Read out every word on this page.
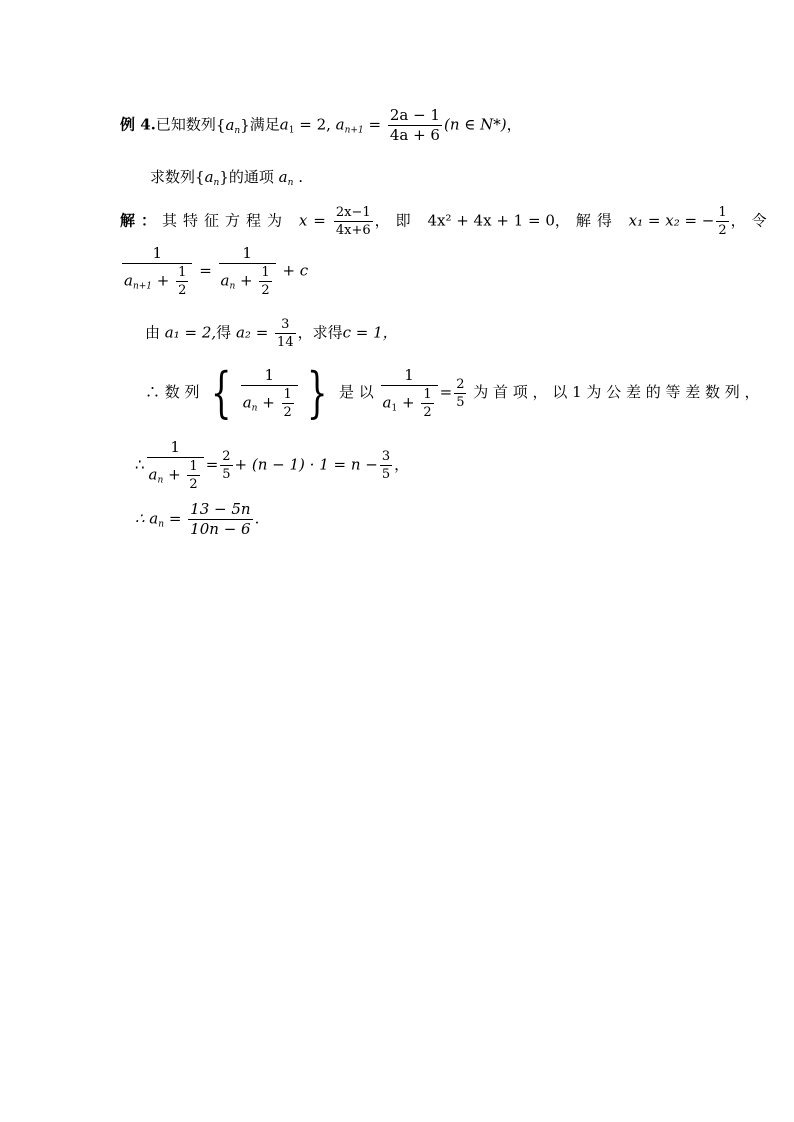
例 4.已知数列$\{a_n\}$满足$a_1 = 2$, $a_{n+1} = \frac{2a - 1}{4a + 6} (n$ ∈ N*)，
求数列$\{a_n\}$的通项 $a_n$ .
解：其特征方程为 $x= \frac{2x-1}{4x+6}$ ，即 4x² + 4x + 1 = 0，解得 x₁ = x₂ = − $\frac{1}{2}$ ，令
$\frac{1}{a_{n+1} + \frac{1}{2}} = \frac{1}{a_n + \frac{1}{2}} + c$
由 a₁ = 2,得 $a_2 = \frac{3}{14}$ ，求得c = 1，
∴ 数 列 { $\frac{1}{a_n + \frac{1}{2}}$ } 是 以 $\frac{1}{a_1 + \frac{1}{2}} = \frac{2}{5}$ 为 首 项 ， 以 1 为 公 差 的 等 差 数 列 ，
∴ $\frac{1}{a_n + \frac{1}{2}} = \frac{2}{5} + (n - 1) \cdot 1 = n - \frac{3}{5}$ ，
∴ $a_n = \frac{13 - 5n}{10n - 6}$ .
